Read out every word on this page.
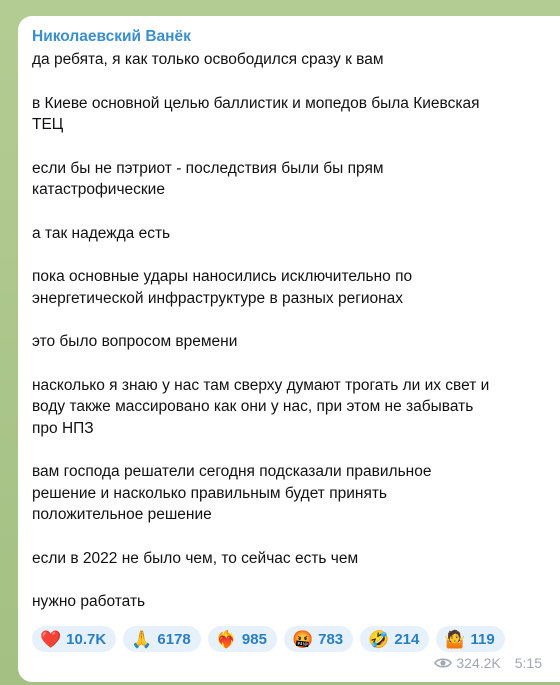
Николаевский Ванёк
да ребята, я как только освободился сразу к вам
в Киеве основной целью баллистик и мопедов была Киевская
ТЕЦ
если бы не пэтриот - последствия были бы прям
катастрофические
а так надежда есть
пока основные удары наносились исключительно по
энергетической инфраструктуре в разных регионах
это было вопросом времени
насколько я знаю у нас там сверху думают трогать ли их свет и
воду также массировано как они у нас, при этом не забывать
про НПЗ
вам господа решатели сегодня подсказали правильное
решение и насколько правильным будет принять
положительное решение
если в 2022 не было чем, то сейчас есть чем
нужно работать
❤️ 10.7K 🙏 6178 ❤️‍🔥 985 🤬 783 🤣 214 🤷 119
324.2K 5:15
